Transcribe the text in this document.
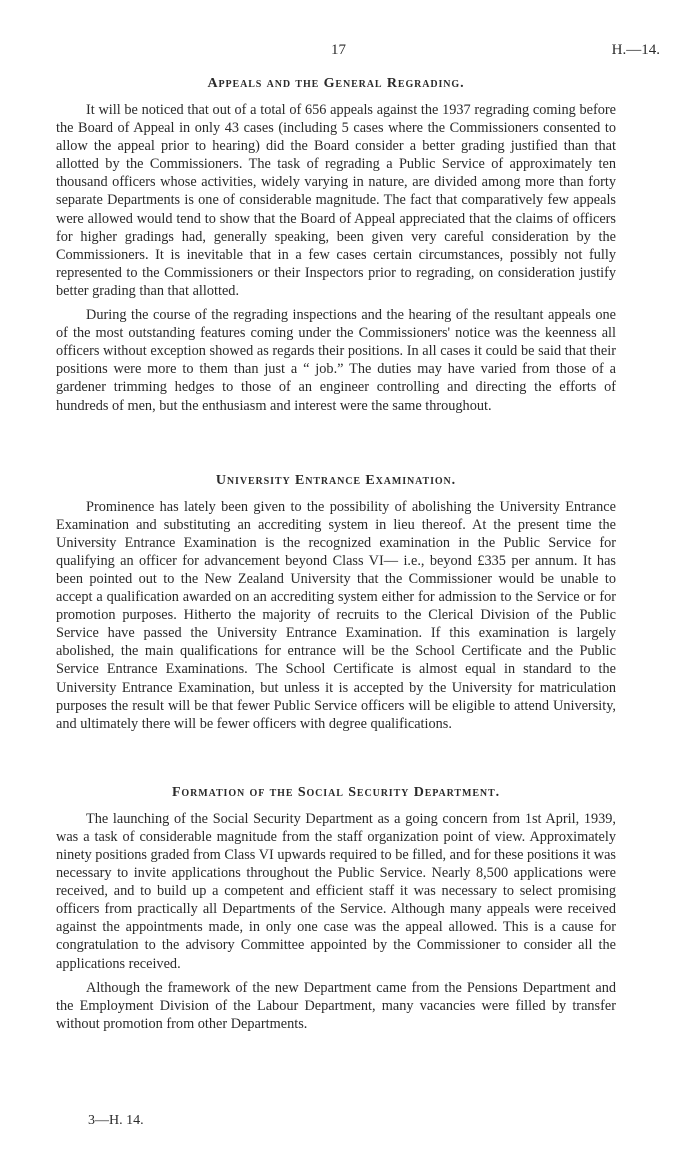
17	H.—14.
Appeals and the General Regrading.

It will be noticed that out of a total of 656 appeals against the 1937 regrading coming before the Board of Appeal in only 43 cases (including 5 cases where the Commissioners consented to allow the appeal prior to hearing) did the Board consider a better grading justified than that allotted by the Commissioners. The task of regrading a Public Service of approximately ten thousand officers whose activities, widely varying in nature, are divided among more than forty separate Departments is one of considerable magnitude. The fact that comparatively few appeals were allowed would tend to show that the Board of Appeal appreciated that the claims of officers for higher gradings had, generally speaking, been given very careful consideration by the Commissioners. It is inevitable that in a few cases certain circumstances, possibly not fully represented to the Commissioners or their Inspectors prior to regrading, on consideration justify better grading than that allotted.

During the course of the regrading inspections and the hearing of the resultant appeals one of the most outstanding features coming under the Commissioners' notice was the keenness all officers without exception showed as regards their positions. In all cases it could be said that their positions were more to them than just a “ job.” The duties may have varied from those of a gardener trimming hedges to those of an engineer controlling and directing the efforts of hundreds of men, but the enthusiasm and interest were the same throughout.

University Entrance Examination.

Prominence has lately been given to the possibility of abolishing the University Entrance Examination and substituting an accrediting system in lieu thereof. At the present time the University Entrance Examination is the recognized examination in the Public Service for qualifying an officer for advancement beyond Class VI— i.e., beyond £335 per annum. It has been pointed out to the New Zealand University that the Commissioner would be unable to accept a qualification awarded on an accrediting system either for admission to the Service or for promotion purposes. Hitherto the majority of recruits to the Clerical Division of the Public Service have passed the University Entrance Examination. If this examination is largely abolished, the main qualifications for entrance will be the School Certificate and the Public Service Entrance Examinations. The School Certificate is almost equal in standard to the University Entrance Examination, but unless it is accepted by the University for matriculation purposes the result will be that fewer Public Service officers will be eligible to attend University, and ultimately there will be fewer officers with degree qualifications.

Formation of the Social Security Department.

The launching of the Social Security Department as a going concern from 1st April, 1939, was a task of considerable magnitude from the staff organization point of view. Approximately ninety positions graded from Class VI upwards required to be filled, and for these positions it was necessary to invite applications throughout the Public Service. Nearly 8,500 applications were received, and to build up a competent and efficient staff it was necessary to select promising officers from practically all Departments of the Service. Although many appeals were received against the appointments made, in only one case was the appeal allowed. This is a cause for congratulation to the advisory Committee appointed by the Commissioner to consider all the applications received.

Although the framework of the new Department came from the Pensions Department and the Employment Division of the Labour Department, many vacancies were filled by transfer without promotion from other Departments.

3—H. 14.
